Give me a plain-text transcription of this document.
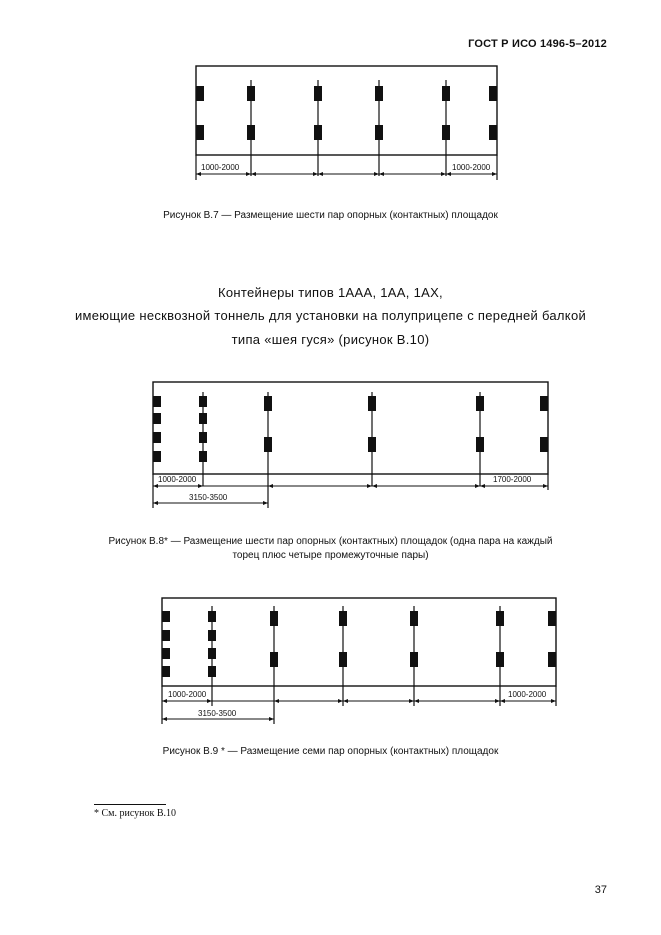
ГОСТ Р ИСО 1496-5–2012
1000-2000	1000-2000
1000-2000
3150-3500
1700-2000
1000-2000
3150-3500
1000-2000
Рисунок В.7 — Размещение шести пар опорных (контактных) площадок
Контейнеры типов 1ААА, 1АА, 1АХ,
имеющие несквозной тоннель для установки на полуприцепе с передней балкой
типа «шея гуся» (рисунок В.10)
Рисунок В.8* — Размещение шести пар опорных (контактных) площадок (одна пара на каждый
торец плюс четыре промежуточные пары)
Рисунок В.9 * — Размещение семи пар опорных (контактных) площадок
* См. рисунок В.10
37
